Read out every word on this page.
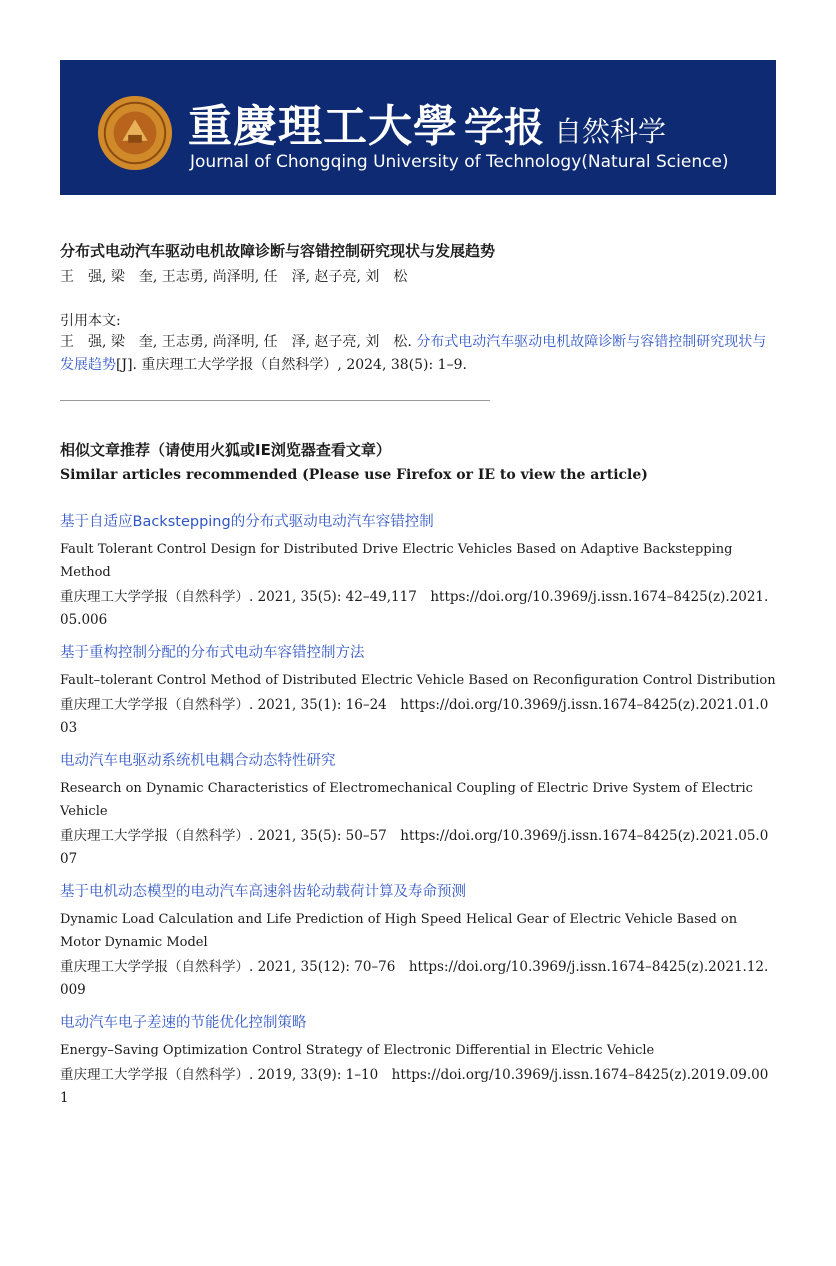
重慶理工大學 学报 自然科学
Journal of Chongqing University of Technology(Natural Science)
分布式电动汽车驱动电机故障诊断与容错控制研究现状与发展趋势
王　强, 梁　奎, 王志勇, 尚泽明, 任　泽, 赵子亮, 刘　松
引用本文:
王　强, 梁　奎, 王志勇, 尚泽明, 任　泽, 赵子亮, 刘　松. 分布式电动汽车驱动电机故障诊断与容错控制研究现状与发展趋势[J]. 重庆理工大学学报（自然科学）, 2024, 38(5): 1–9.
相似文章推荐（请使用火狐或IE浏览器查看文章）
Similar articles recommended (Please use Firefox or IE to view the article)
基于自适应Backstepping的分布式驱动电动汽车容错控制
Fault Tolerant Control Design for Distributed Drive Electric Vehicles Based on Adaptive Backstepping Method
重庆理工大学学报（自然科学）. 2021, 35(5): 42–49,117　https://doi.org/10.3969/j.issn.1674–8425(z).2021.05.006
基于重构控制分配的分布式电动车容错控制方法
Fault–tolerant Control Method of Distributed Electric Vehicle Based on Reconfiguration Control Distribution
重庆理工大学学报（自然科学）. 2021, 35(1): 16–24　https://doi.org/10.3969/j.issn.1674–8425(z).2021.01.003
电动汽车电驱动系统机电耦合动态特性研究
Research on Dynamic Characteristics of Electromechanical Coupling of Electric Drive System of Electric Vehicle
重庆理工大学学报（自然科学）. 2021, 35(5): 50–57　https://doi.org/10.3969/j.issn.1674–8425(z).2021.05.007
基于电机动态模型的电动汽车高速斜齿轮动载荷计算及寿命预测
Dynamic Load Calculation and Life Prediction of High Speed Helical Gear of Electric Vehicle Based on Motor Dynamic Model
重庆理工大学学报（自然科学）. 2021, 35(12): 70–76　https://doi.org/10.3969/j.issn.1674–8425(z).2021.12.009
电动汽车电子差速的节能优化控制策略
Energy–Saving Optimization Control Strategy of Electronic Differential in Electric Vehicle
重庆理工大学学报（自然科学）. 2019, 33(9): 1–10　https://doi.org/10.3969/j.issn.1674–8425(z).2019.09.001
